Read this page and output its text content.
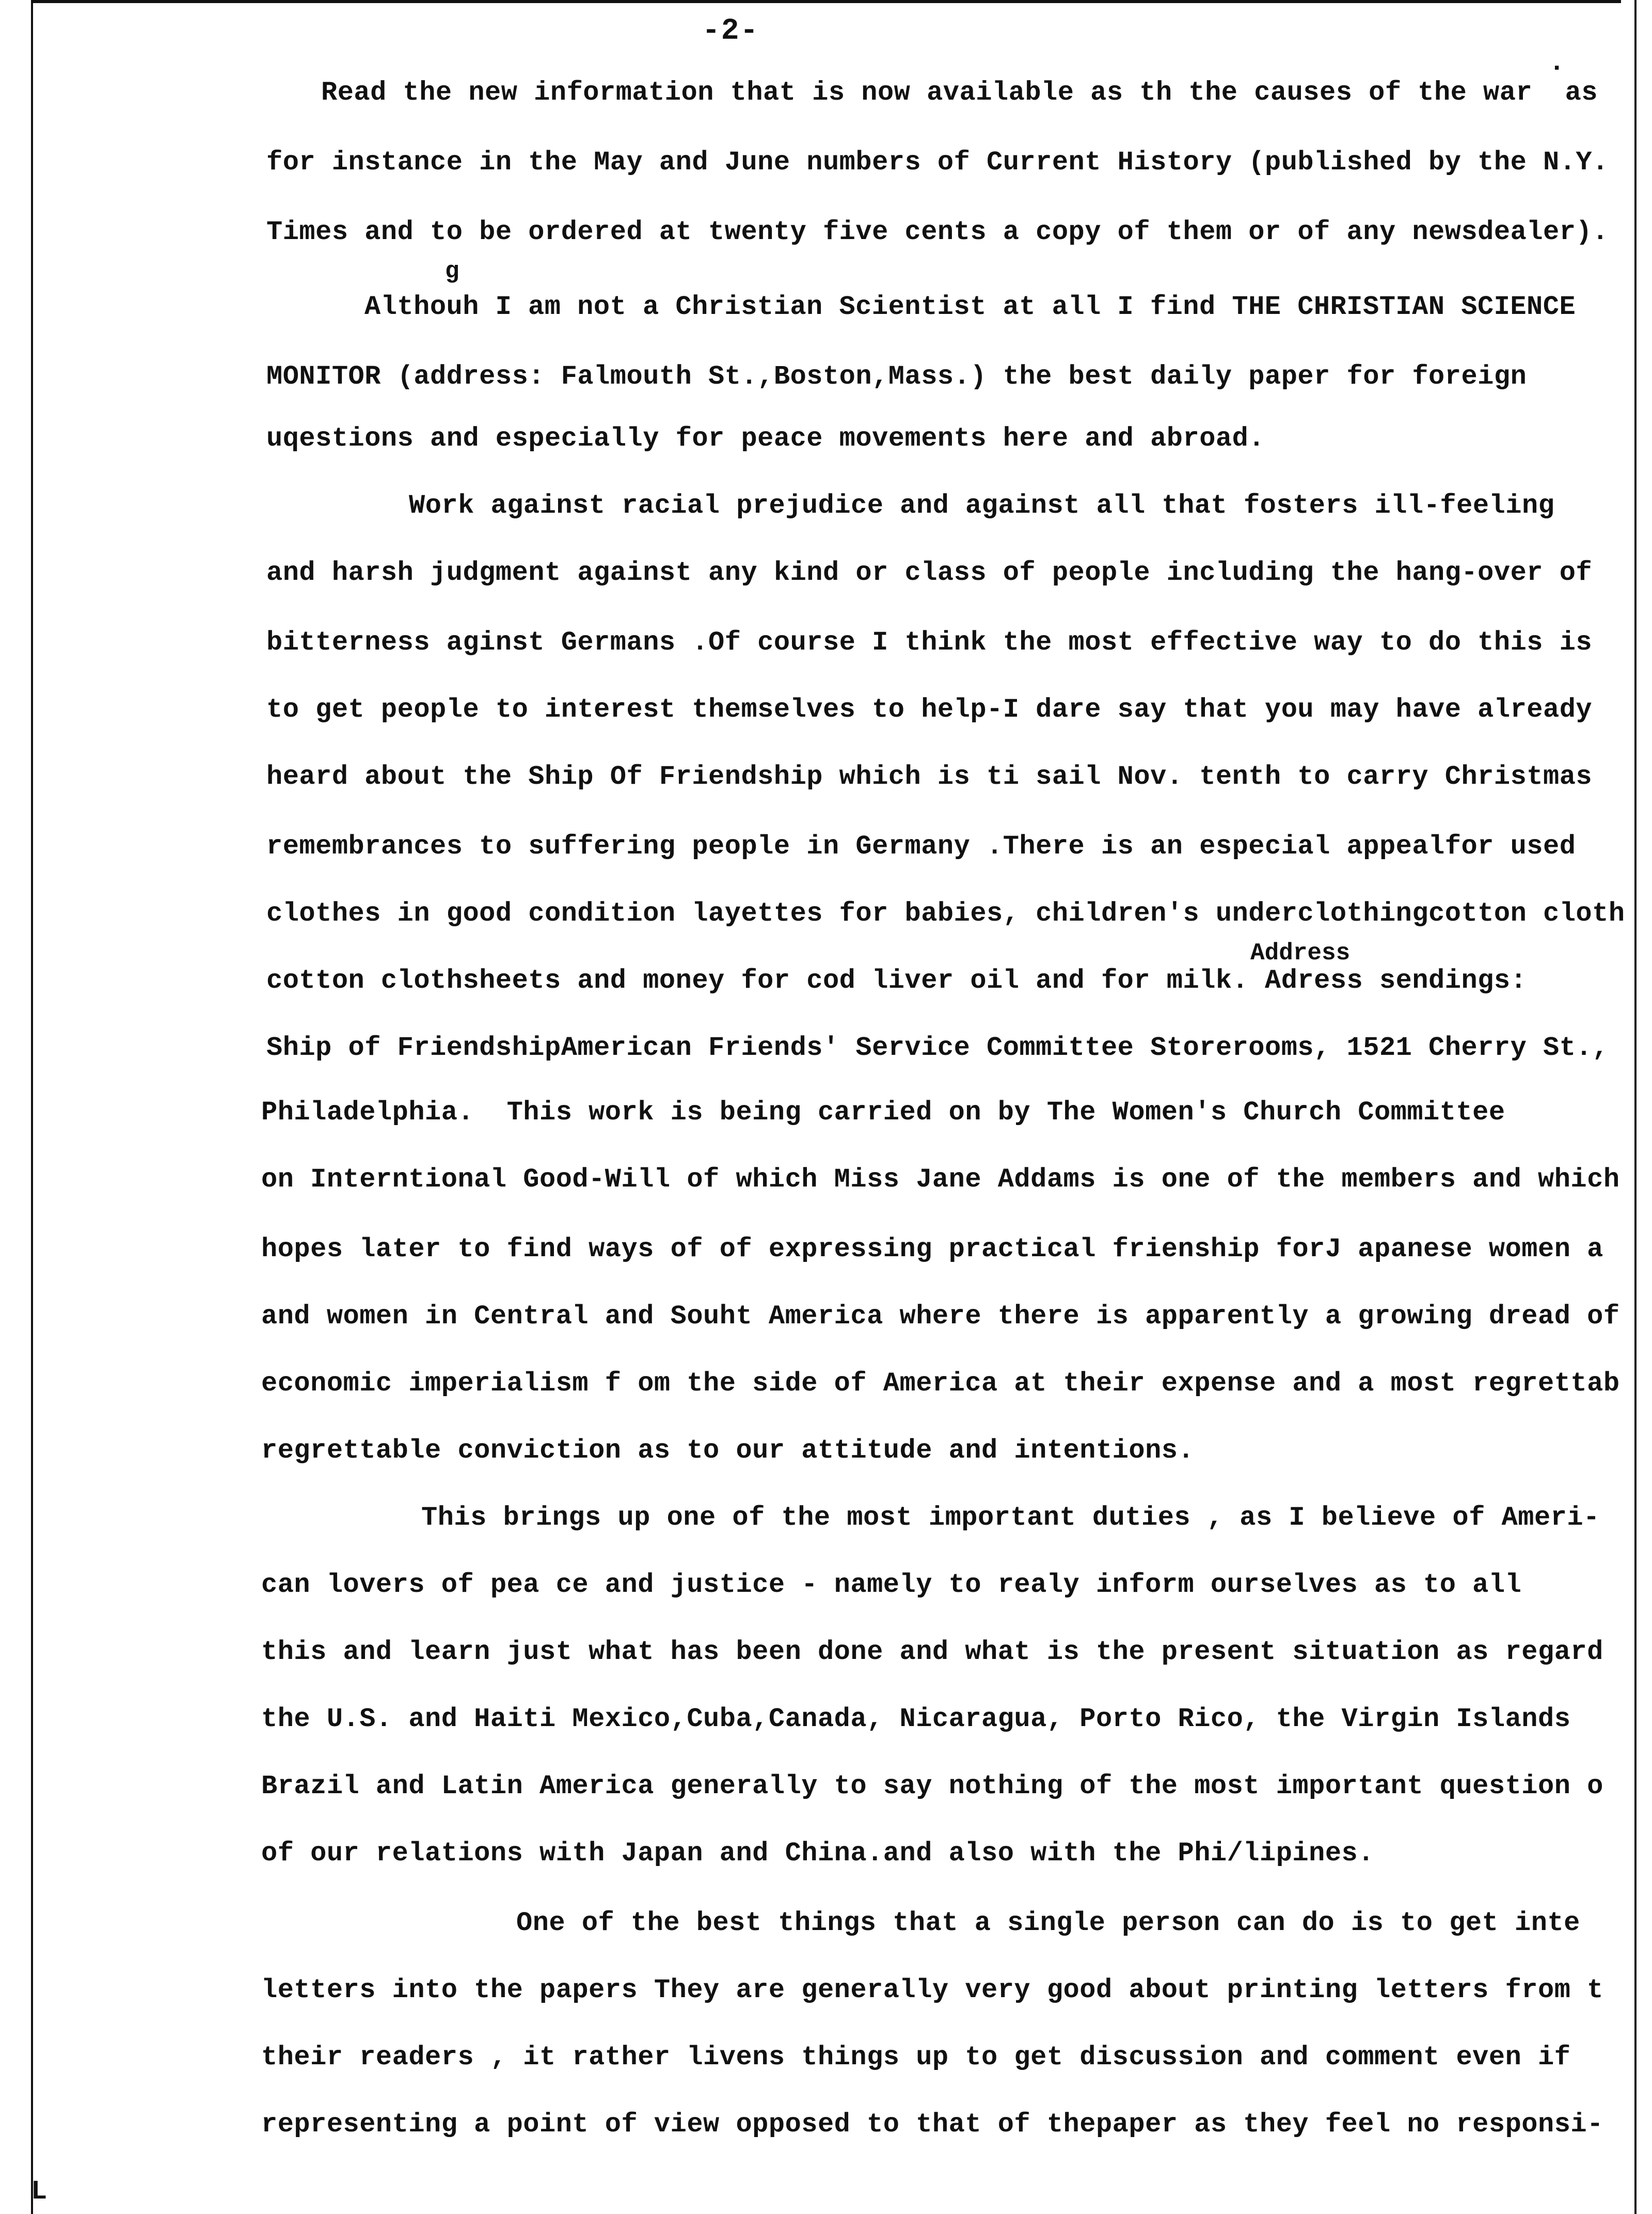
-2-
Read the new information that is now available as th the causes of the war  as
for instance in the May and June numbers of Current History (published by the N.Y.
Times and to be ordered at twenty five cents a copy of them or of any newsdealer).
g
Althouh I am not a Christian Scientist at all I find THE CHRISTIAN SCIENCE
MONITOR (address: Falmouth St.,Boston,Mass.) the best daily paper for foreign
uqestions and especially for peace movements here and abroad.
Work against racial prejudice and against all that fosters ill-feeling
and harsh judgment against any kind or class of people including the hang-over of
bitterness aginst Germans .Of course I think the most effective way to do this is
to get people to interest themselves to help-I dare say that you may have already
heard about the Ship Of Friendship which is ti sail Nov. tenth to carry Christmas
remembrances to suffering people in Germany .There is an especial appealfor used
clothes in good condition layettes for babies, children's underclothingcotton cloth
Address
cotton clothsheets and money for cod liver oil and for milk. Adress sendings:
Ship of FriendshipAmerican Friends' Service Committee Storerooms, 1521 Cherry St.,
Philadelphia.  This work is being carried on by The Women's Church Committee
on Interntional Good-Will of which Miss Jane Addams is one of the members and which
hopes later to find ways of of expressing practical frienship forJ apanese women a
and women in Central and Souht America where there is apparently a growing dread of
economic imperialism f om the side of America at their expense and a most regrettab
regrettable conviction as to our attitude and intentions.
This brings up one of the most important duties , as I believe of Ameri-
can lovers of pea ce and justice - namely to realy inform ourselves as to all
this and learn just what has been done and what is the present situation as regard
the U.S. and Haiti Mexico,Cuba,Canada, Nicaragua, Porto Rico, the Virgin Islands
Brazil and Latin America generally to say nothing of the most important question o
of our relations with Japan and China.and also with the Phi/lipines.
One of the best things that a single person can do is to get inte
letters into the papers They are generally very good about printing letters from t
their readers , it rather livens things up to get discussion and comment even if
representing a point of view opposed to that of thepaper as they feel no responsi-
.
L
